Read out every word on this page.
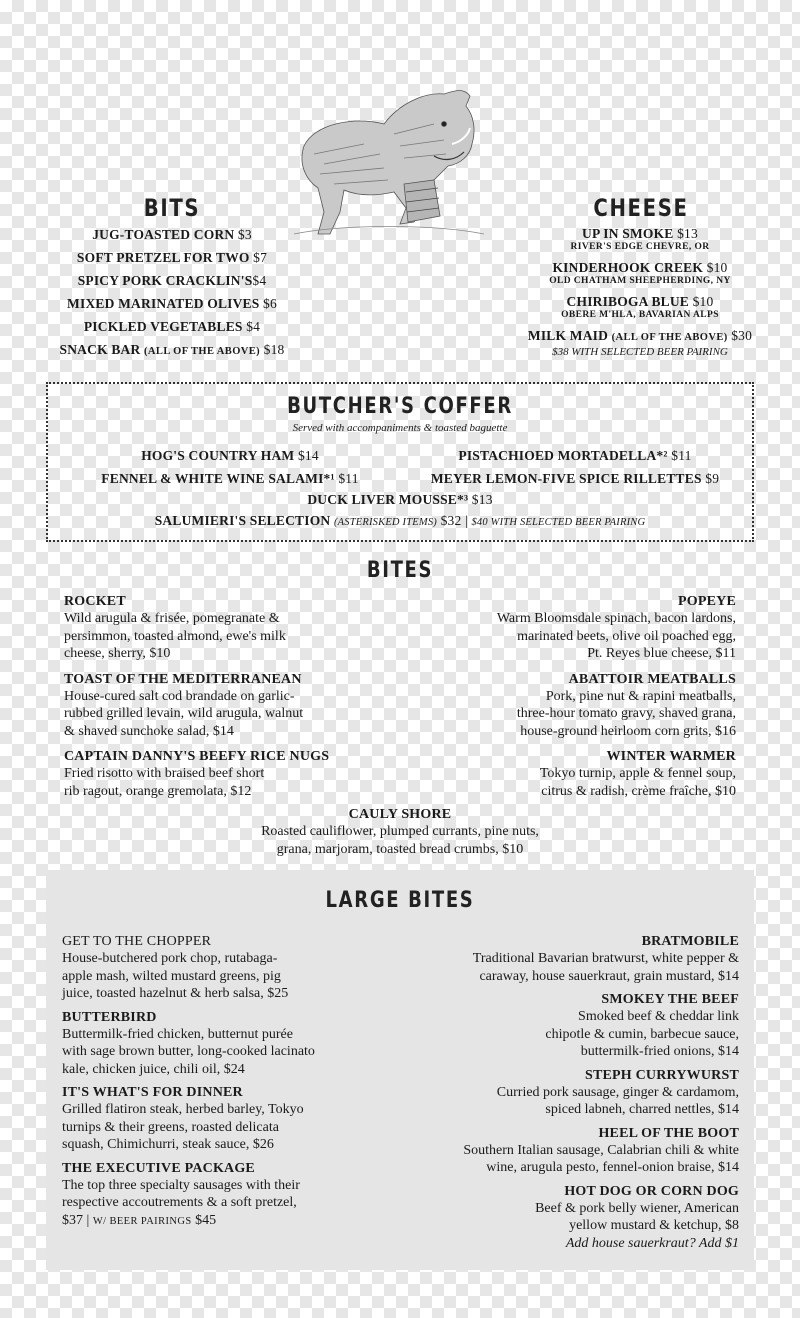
BITS
JUG-TOASTED CORN $3
SOFT PRETZEL FOR TWO $7
SPICY PORK CRACKLIN'S$4
MIXED MARINATED OLIVES $6
PICKLED VEGETABLES $4
SNACK BAR (ALL OF THE ABOVE) $18
CHEESE
UP IN SMOKE $13
RIVER'S EDGE CHEVRE, OR
KINDERHOOK CREEK $10
OLD CHATHAM SHEEPHERDING, NY
CHIRIBOGA BLUE $10
OBERE M'HLA, BAVARIAN ALPS
MILK MAID (ALL OF THE ABOVE) $30
$38 WITH SELECTED BEER PAIRING
BUTCHER'S COFFER
Served with accompaniments & toasted baguette
HOG'S COUNTRY HAM $14
FENNEL & WHITE WINE SALAMI*¹ $11
PISTACHIOED MORTADELLA*² $11
MEYER LEMON-FIVE SPICE RILLETTES $9
DUCK LIVER MOUSSE*³ $13
SALUMIERI'S SELECTION (ASTERISKED ITEMS) $32 | $40 WITH SELECTED BEER PAIRING
BITES
ROCKET
Wild arugula & frisée, pomegranate &
persimmon, toasted almond, ewe's milk
cheese, sherry, $10
TOAST OF THE MEDITERRANEAN
House-cured salt cod brandade on garlic-
rubbed grilled levain, wild arugula, walnut
& shaved sunchoke salad, $14
CAPTAIN DANNY'S BEEFY RICE NUGS
Fried risotto with braised beef short
rib ragout, orange gremolata, $12
POPEYE
Warm Bloomsdale spinach, bacon lardons,
marinated beets, olive oil poached egg,
Pt. Reyes blue cheese, $11
ABATTOIR MEATBALLS
Pork, pine nut & rapini meatballs,
three-hour tomato gravy, shaved grana,
house-ground heirloom corn grits, $16
WINTER WARMER
Tokyo turnip, apple & fennel soup,
citrus & radish, crème fraîche, $10
CAULY SHORE
Roasted cauliflower, plumped currants, pine nuts,
grana, marjoram, toasted bread crumbs, $10
LARGE BITES
GET TO THE CHOPPER
House-butchered pork chop, rutabaga-
apple mash, wilted mustard greens, pig
juice, toasted hazelnut & herb salsa, $25
BUTTERBIRD
Buttermilk-fried chicken, butternut purée
with sage brown butter, long-cooked lacinato
kale, chicken juice, chili oil, $24
IT'S WHAT'S FOR DINNER
Grilled flatiron steak, herbed barley, Tokyo
turnips & their greens, roasted delicata
squash, Chimichurri, steak sauce, $26
THE EXECUTIVE PACKAGE
The top three specialty sausages with their
respective accoutrements & a soft pretzel,
$37 | W/ BEER PAIRINGS $45
BRATMOBILE
Traditional Bavarian bratwurst, white pepper &
caraway, house sauerkraut, grain mustard, $14
SMOKEY THE BEEF
Smoked beef & cheddar link
chipotle & cumin, barbecue sauce,
buttermilk-fried onions, $14
STEPH CURRYWURST
Curried pork sausage, ginger & cardamom,
spiced labneh, charred nettles, $14
HEEL OF THE BOOT
Southern Italian sausage, Calabrian chili & white
wine, arugula pesto, fennel-onion braise, $14
HOT DOG OR CORN DOG
Beef & pork belly wiener, American
yellow mustard & ketchup, $8
Add house sauerkraut? Add $1
